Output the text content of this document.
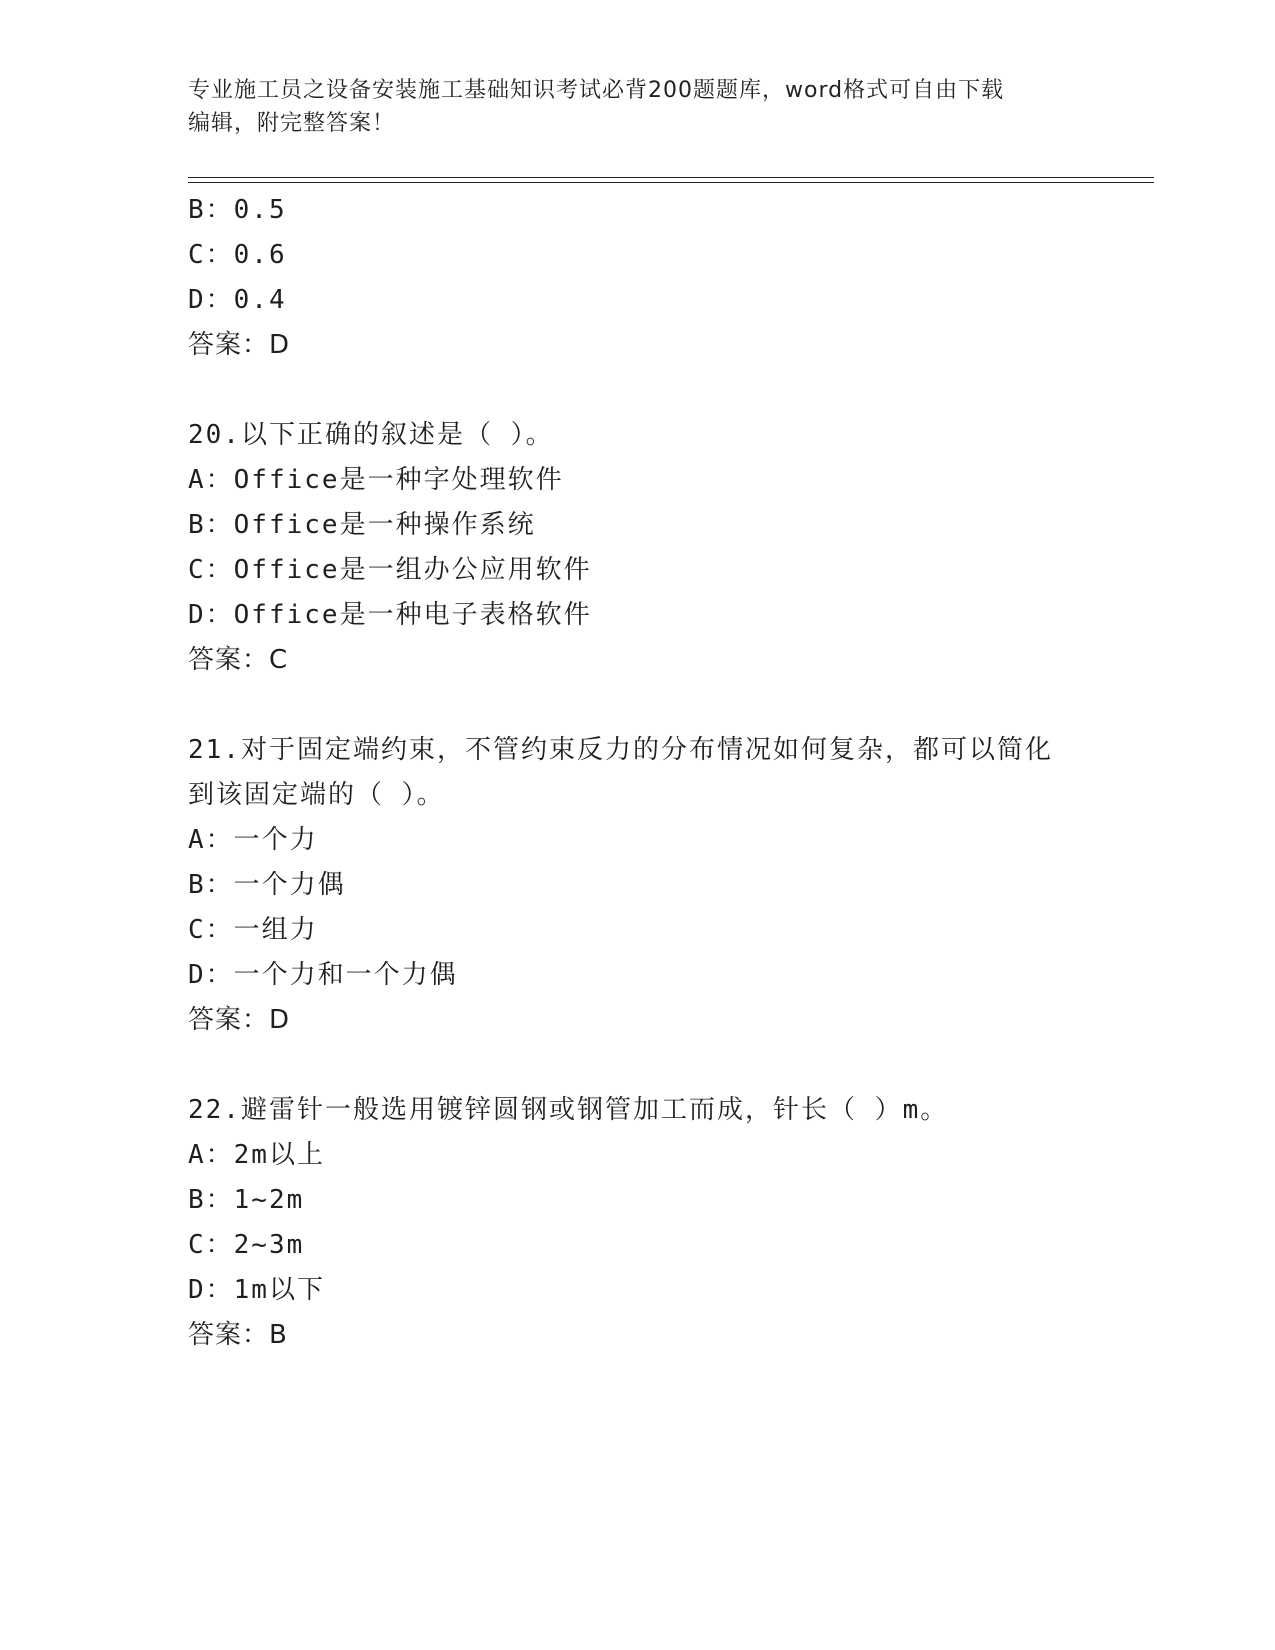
专业施工员之设备安装施工基础知识考试必背200题题库，word格式可自由下载
编辑，附完整答案！
B：0.5
C：0.6
D：0.4
答案：D
20.以下正确的叙述是（ ）。
A：Office是一种字处理软件
B：Office是一种操作系统
C：Office是一组办公应用软件
D：Office是一种电子表格软件
答案：C
21.对于固定端约束，不管约束反力的分布情况如何复杂，都可以简化
到该固定端的（ ）。
A：一个力
B：一个力偶
C：一组力
D：一个力和一个力偶
答案：D
22.避雷针一般选用镀锌圆钢或钢管加工而成，针长（ ）m。
A：2m以上
B：1~2m
C：2~3m
D：1m以下
答案：B
